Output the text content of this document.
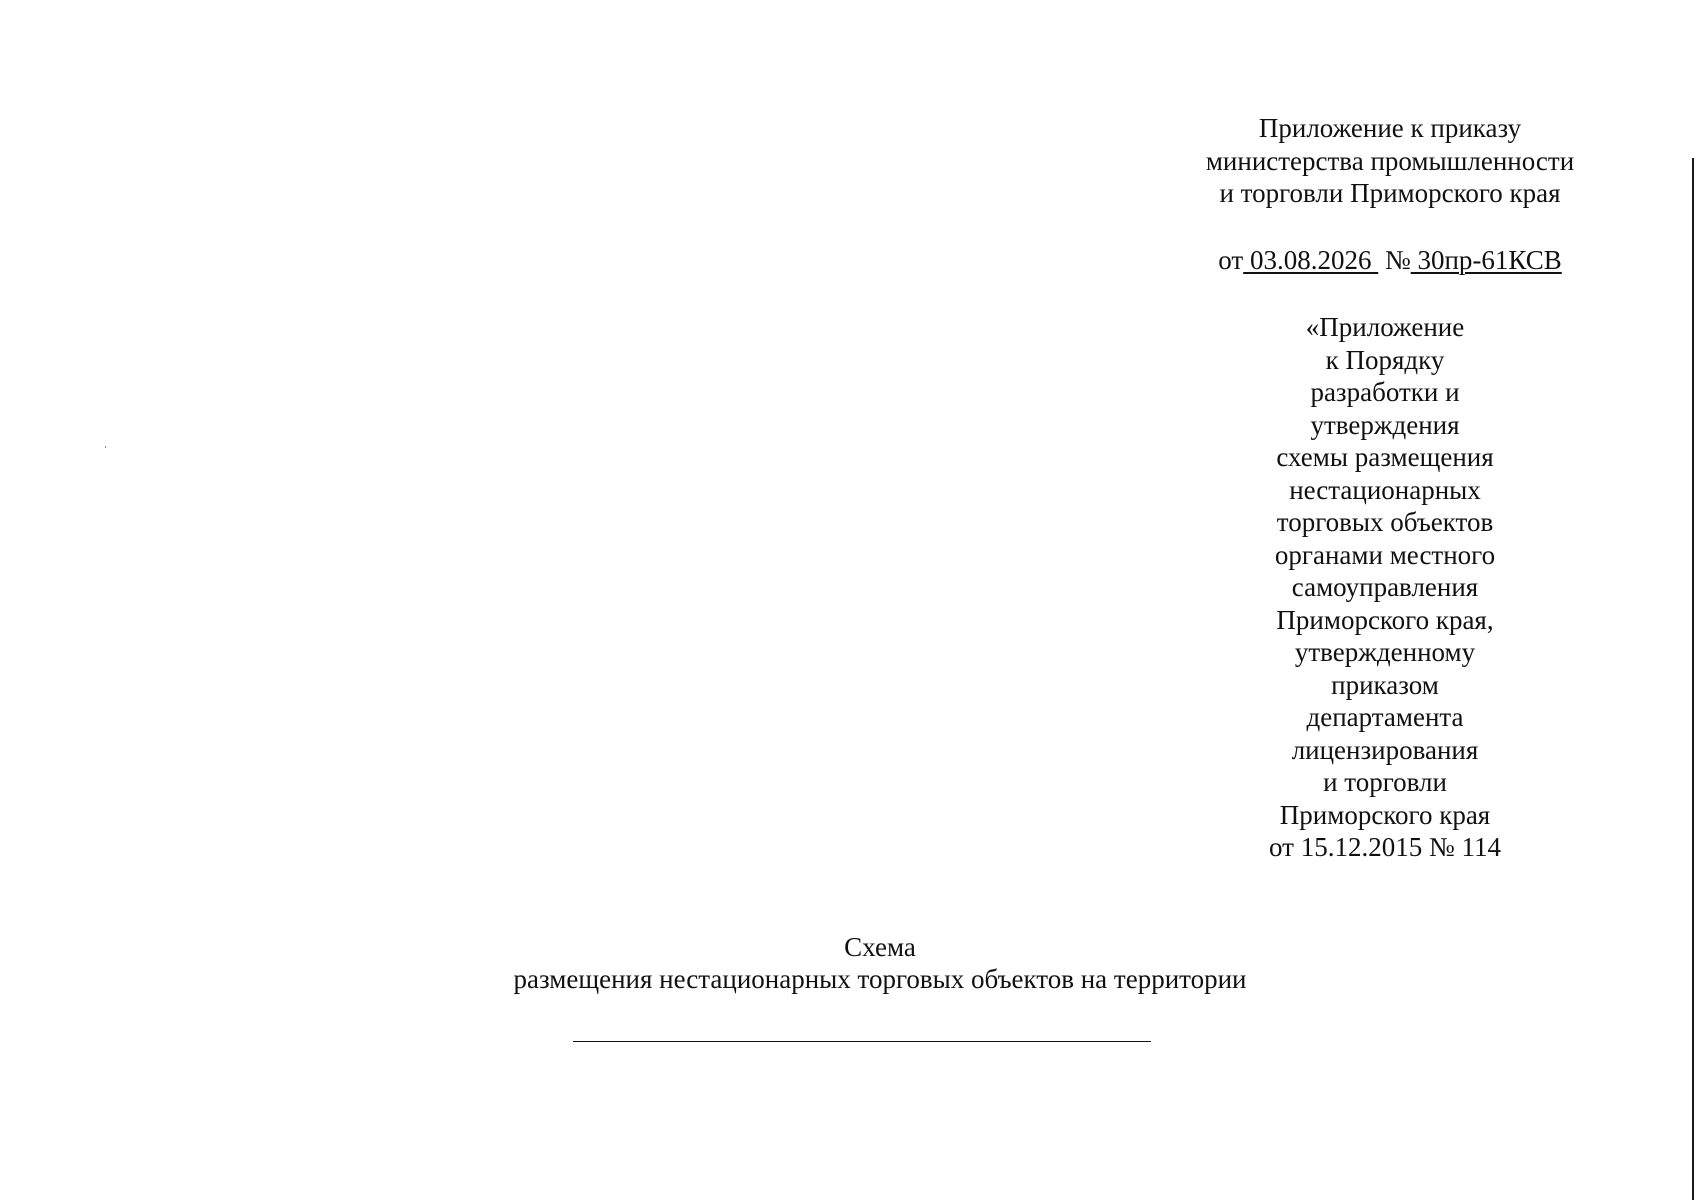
Приложение к приказу
министерства промышленности
и торговли Приморского края
от 03.08.2026 № 30пр-61КСВ
«Приложение
к Порядку
разработки и
утверждения
схемы размещения
нестационарных
торговых объектов
органами местного
самоуправления
Приморского края,
утвержденному
приказом
департамента
лицензирования
и торговли
Приморского края
от 15.12.2015 № 114
Схема
размещения нестационарных торговых объектов на территории
